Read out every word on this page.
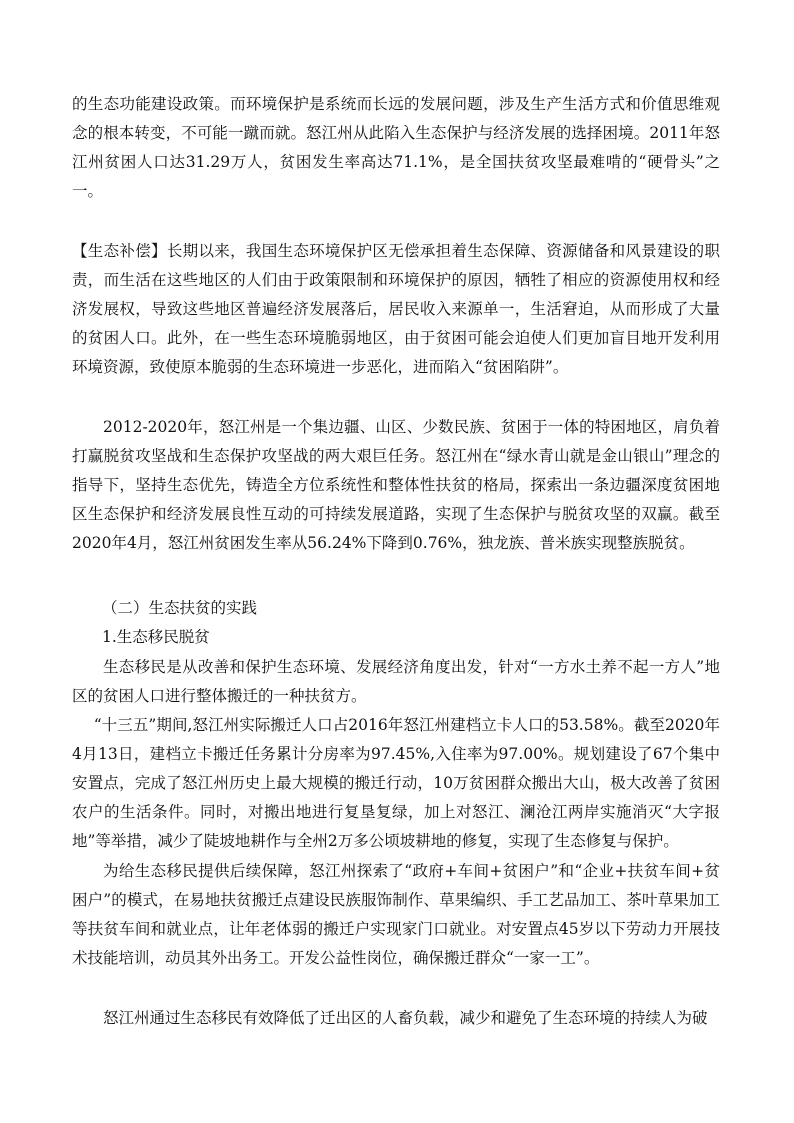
的生态功能建设政策。而环境保护是系统而长远的发展问题，涉及生产生活方式和价值思维观念的根本转变，不可能一蹴而就。怒江州从此陷入生态保护与经济发展的选择困境。2011年怒江州贫困人口达31.29万人，贫困发生率高达71.1%，是全国扶贫攻坚最难啃的“硬骨头”之一。

【生态补偿】长期以来，我国生态环境保护区无偿承担着生态保障、资源储备和风景建设的职责，而生活在这些地区的人们由于政策限制和环境保护的原因，牺牲了相应的资源使用权和经济发展权，导致这些地区普遍经济发展落后，居民收入来源单一，生活窘迫，从而形成了大量的贫困人口。此外，在一些生态环境脆弱地区，由于贫困可能会迫使人们更加盲目地开发利用环境资源，致使原本脆弱的生态环境进一步恶化，进而陷入“贫困陷阱”。

2012-2020年，怒江州是一个集边疆、山区、少数民族、贫困于一体的特困地区，肩负着打赢脱贫攻坚战和生态保护攻坚战的两大艰巨任务。怒江州在“绿水青山就是金山银山”理念的指导下，坚持生态优先，铸造全方位系统性和整体性扶贫的格局，探索出一条边疆深度贫困地区生态保护和经济发展良性互动的可持续发展道路，实现了生态保护与脱贫攻坚的双赢。截至2020年4月，怒江州贫困发生率从56.24%下降到0.76%，独龙族、普米族实现整族脱贫。

（二）生态扶贫的实践

1.生态移民脱贫

生态移民是从改善和保护生态环境、发展经济角度出发，针对“一方水土养不起一方人”地区的贫困人口进行整体搬迁的一种扶贫方。

“十三五”期间,怒江州实际搬迁人口占2016年怒江州建档立卡人口的53.58%。截至2020年4月13日，建档立卡搬迁任务累计分房率为97.45%,入住率为97.00%。规划建设了67个集中安置点，完成了怒江州历史上最大规模的搬迁行动，10万贫困群众搬出大山，极大改善了贫困农户的生活条件。同时，对搬出地进行复垦复绿，加上对怒江、澜沧江两岸实施消灭“大字报地”等举措，减少了陡坡地耕作与全州2万多公顷坡耕地的修复，实现了生态修复与保护。

为给生态移民提供后续保障，怒江州探索了“政府+车间+贫困户”和“企业+扶贫车间+贫困户”的模式，在易地扶贫搬迁点建设民族服饰制作、草果编织、手工艺品加工、茶叶草果加工等扶贫车间和就业点，让年老体弱的搬迁户实现家门口就业。对安置点45岁以下劳动力开展技术技能培训，动员其外出务工。开发公益性岗位，确保搬迁群众“一家一工”。

怒江州通过生态移民有效降低了迁出区的人畜负载，减少和避免了生态环境的持续人为破
